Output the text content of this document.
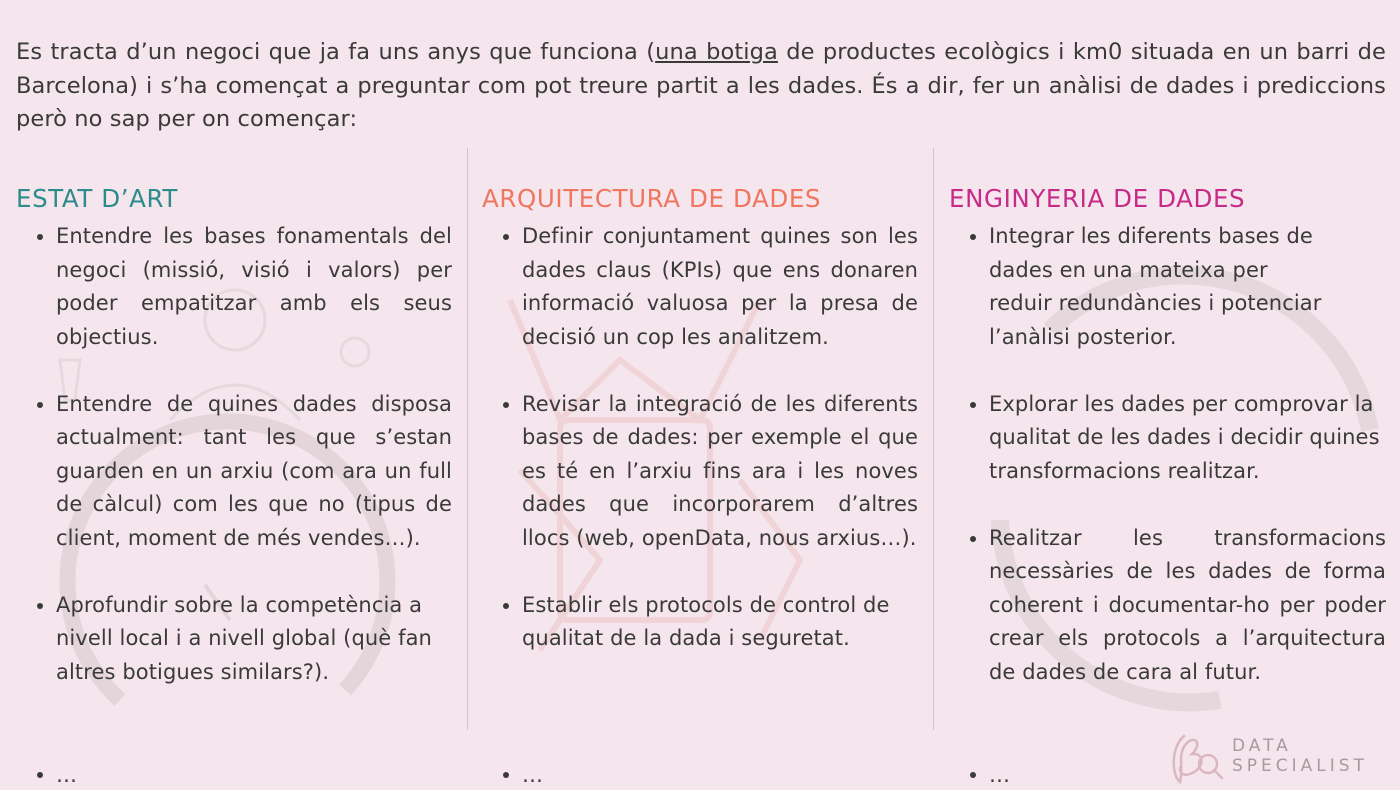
Es tracta d’un negoci que ja fa uns anys que funciona (una botiga de productes ecològics i km0 situada en un barri de Barcelona) i s’ha començat a preguntar com pot treure partit a les dades. És a dir, fer un anàlisi de dades i prediccions però no sap per on començar:
ESTAT D’ART
Entendre les bases fonamentals del negoci (missió, visió i valors) per poder empatitzar amb els seus objectius.
Entendre de quines dades disposa actualment: tant les que s’estan guarden en un arxiu (com ara un full de càlcul) com les que no (tipus de client, moment de més vendes…).
Aprofundir sobre la competència a nivell local i a nivell global (què fan altres botigues similars?).
ARQUITECTURA DE DADES
Definir conjuntament quines son les dades claus (KPIs) que ens donaren informació valuosa per la presa de decisió un cop les analitzem.
Revisar la integració de les diferents bases de dades: per exemple el que es té en l’arxiu fins ara i les noves dades que incorporarem d’altres llocs (web, openData, nous arxius…).
Establir els protocols de control de qualitat de la dada i seguretat.
ENGINYERIA DE DADES
Integrar les diferents bases de dades en una mateixa per reduir redundàncies i potenciar l’anàlisi posterior.
Explorar les dades per comprovar la qualitat de les dades i decidir quines transformacions realitzar.
Realitzar les transformacions necessàries de les dades de forma coherent i documentar-ho per poder crear els protocols a l’arquitectura de dades de cara al futur.
…	…	…
DATA
SPECIALIST
